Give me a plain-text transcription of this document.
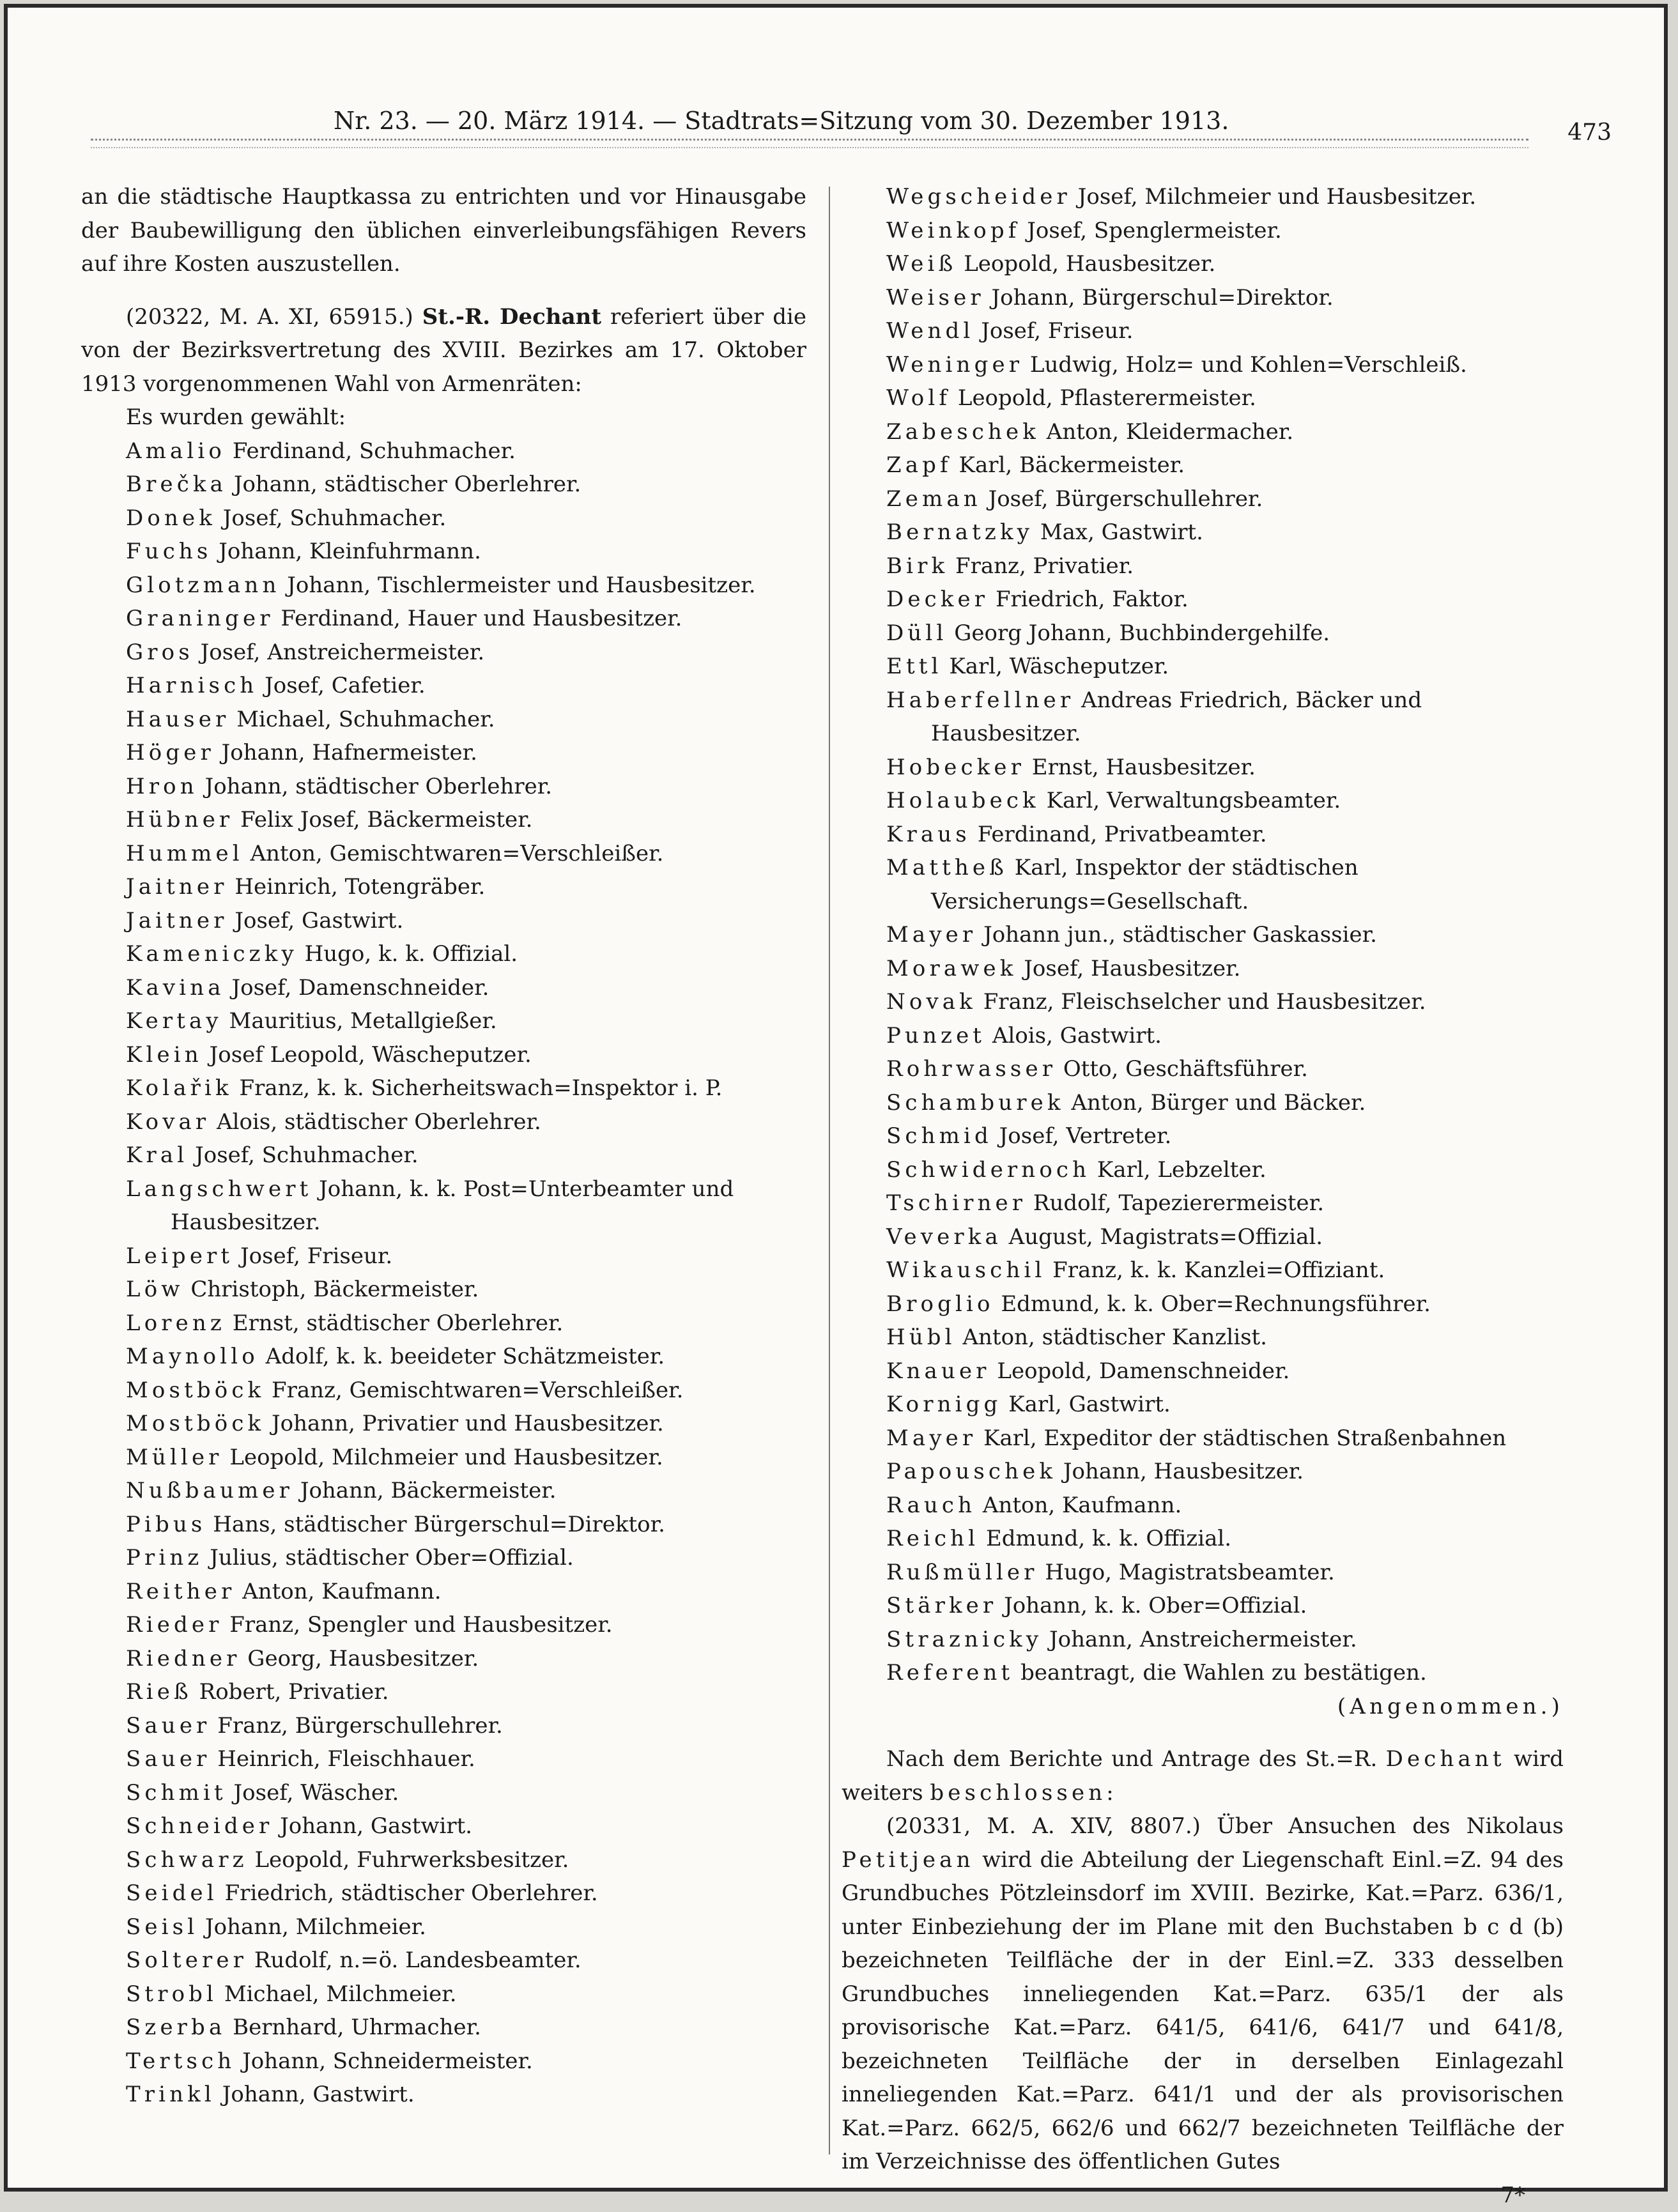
Nr. 23. — 20. März 1914. — Stadtrats=Sitzung vom 30. Dezember 1913.	473

an die städtische Hauptkassa zu entrichten und vor Hinausgabe der Baubewilligung den üblichen einverleibungsfähigen Revers auf ihre Kosten auszustellen.

(20322, M. A. XI, 65915.) St.-R. Dechant referiert über die von der Bezirksvertretung des XVIII. Bezirkes am 17. Oktober 1913 vorgenommenen Wahl von Armenräten:

Es wurden gewählt:

Amalio Ferdinand, Schuhmacher.

Brečka Johann, städtischer Oberlehrer.

Donek Josef, Schuhmacher.

Fuchs Johann, Kleinfuhrmann.

Glotzmann Johann, Tischlermeister und Hausbesitzer.

Graninger Ferdinand, Hauer und Hausbesitzer.

Gros Josef, Anstreichermeister.

Harnisch Josef, Cafetier.

Hauser Michael, Schuhmacher.

Höger Johann, Hafnermeister.

Hron Johann, städtischer Oberlehrer.

Hübner Felix Josef, Bäckermeister.

Hummel Anton, Gemischtwaren=Verschleißer.

Jaitner Heinrich, Totengräber.

Jaitner Josef, Gastwirt.

Kameniczky Hugo, k. k. Offizial.

Kavina Josef, Damenschneider.

Kertay Mauritius, Metallgießer.

Klein Josef Leopold, Wäscheputzer.

Kolařik Franz, k. k. Sicherheitswach=Inspektor i. P.

Kovar Alois, städtischer Oberlehrer.

Kral Josef, Schuhmacher.

Langschwert Johann, k. k. Post=Unterbeamter und Hausbesitzer.

Leipert Josef, Friseur.

Löw Christoph, Bäckermeister.

Lorenz Ernst, städtischer Oberlehrer.

Maynollo Adolf, k. k. beeideter Schätzmeister.

Mostböck Franz, Gemischtwaren=Verschleißer.

Mostböck Johann, Privatier und Hausbesitzer.

Müller Leopold, Milchmeier und Hausbesitzer.

Nußbaumer Johann, Bäckermeister.

Pibus Hans, städtischer Bürgerschul=Direktor.

Prinz Julius, städtischer Ober=Offizial.

Reither Anton, Kaufmann.

Rieder Franz, Spengler und Hausbesitzer.

Riedner Georg, Hausbesitzer.

Rieß Robert, Privatier.

Sauer Franz, Bürgerschullehrer.

Sauer Heinrich, Fleischhauer.

Schmit Josef, Wäscher.

Schneider Johann, Gastwirt.

Schwarz Leopold, Fuhrwerksbesitzer.

Seidel Friedrich, städtischer Oberlehrer.

Seisl Johann, Milchmeier.

Solterer Rudolf, n.=ö. Landesbeamter.

Strobl Michael, Milchmeier.

Szerba Bernhard, Uhrmacher.

Tertsch Johann, Schneidermeister.

Trinkl Johann, Gastwirt.

Wegscheider Josef, Milchmeier und Hausbesitzer.

Weinkopf Josef, Spenglermeister.

Weiß Leopold, Hausbesitzer.

Weiser Johann, Bürgerschul=Direktor.

Wendl Josef, Friseur.

Weninger Ludwig, Holz= und Kohlen=Verschleiß.

Wolf Leopold, Pflasterermeister.

Zabeschek Anton, Kleidermacher.

Zapf Karl, Bäckermeister.

Zeman Josef, Bürgerschullehrer.

Bernatzky Max, Gastwirt.

Birk Franz, Privatier.

Decker Friedrich, Faktor.

Düll Georg Johann, Buchbindergehilfe.

Ettl Karl, Wäscheputzer.

Haberfellner Andreas Friedrich, Bäcker und Hausbesitzer.

Hobecker Ernst, Hausbesitzer.

Holaubeck Karl, Verwaltungsbeamter.

Kraus Ferdinand, Privatbeamter.

Mattheß Karl, Inspektor der städtischen Versicherungs=Gesellschaft.

Mayer Johann jun., städtischer Gaskassier.

Morawek Josef, Hausbesitzer.

Novak Franz, Fleischselcher und Hausbesitzer.

Punzet Alois, Gastwirt.

Rohrwasser Otto, Geschäftsführer.

Schamburek Anton, Bürger und Bäcker.

Schmid Josef, Vertreter.

Schwidernoch Karl, Lebzelter.

Tschirner Rudolf, Tapezierermeister.

Veverka August, Magistrats=Offizial.

Wikauschil Franz, k. k. Kanzlei=Offiziant.

Broglio Edmund, k. k. Ober=Rechnungsführer.

Hübl Anton, städtischer Kanzlist.

Knauer Leopold, Damenschneider.

Kornigg Karl, Gastwirt.

Mayer Karl, Expeditor der städtischen Straßenbahnen

Papouschek Johann, Hausbesitzer.

Rauch Anton, Kaufmann.

Reichl Edmund, k. k. Offizial.

Rußmüller Hugo, Magistratsbeamter.

Stärker Johann, k. k. Ober=Offizial.

Straznicky Johann, Anstreichermeister.

Referent beantragt, die Wahlen zu bestätigen.

(Angenommen.)

Nach dem Berichte und Antrage des St.=R. Dechant wird weiters beschlossen:

(20331, M. A. XIV, 8807.) Über Ansuchen des Nikolaus Petitjean wird die Abteilung der Liegenschaft Einl.=Z. 94 des Grundbuches Pötzleinsdorf im XVIII. Bezirke, Kat.=Parz. 636/1, unter Einbeziehung der im Plane mit den Buchstaben b c d (b) bezeichneten Teilfläche der in der Einl.=Z. 333 desselben Grundbuches inneliegenden Kat.=Parz. 635/1 der als provisorische Kat.=Parz. 641/5, 641/6, 641/7 und 641/8, bezeichneten Teilfläche der in derselben Einlagezahl inneliegenden Kat.=Parz. 641/1 und der als provisorischen Kat.=Parz. 662/5, 662/6 und 662/7 bezeichneten Teilfläche der im Verzeichnisse des öffentlichen Gutes

7*
